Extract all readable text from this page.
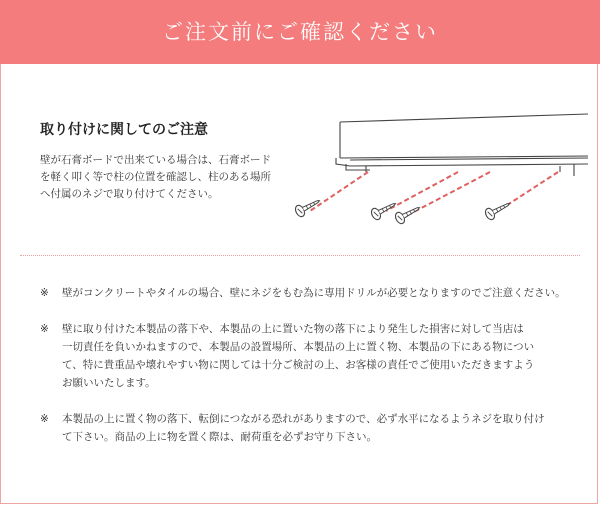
ご注文前にご確認ください
取り付けに関してのご注意
壁が石膏ボードで出来ている場合は、石膏ボード
を軽く叩く等で柱の位置を確認し、柱のある場所
へ付属のネジで取り付けてください。
※	壁がコンクリートやタイルの場合、壁にネジをもむ為に専用ドリルが必要となりますのでご注意ください。
※	壁に取り付けた本製品の落下や、本製品の上に置いた物の落下により発生した損害に対して当店は
一切責任を負いかねますので、本製品の設置場所、本製品の上に置く物、本製品の下にある物につい
て、特に貴重品や壊れやすい物に関しては十分ご検討の上、お客様の責任でご使用いただきますよう
お願いいたします。
※	本製品の上に置く物の落下、転倒につながる恐れがありますので、必ず水平になるようネジを取り付け
て下さい。商品の上に物を置く際は、耐荷重を必ずお守り下さい。
